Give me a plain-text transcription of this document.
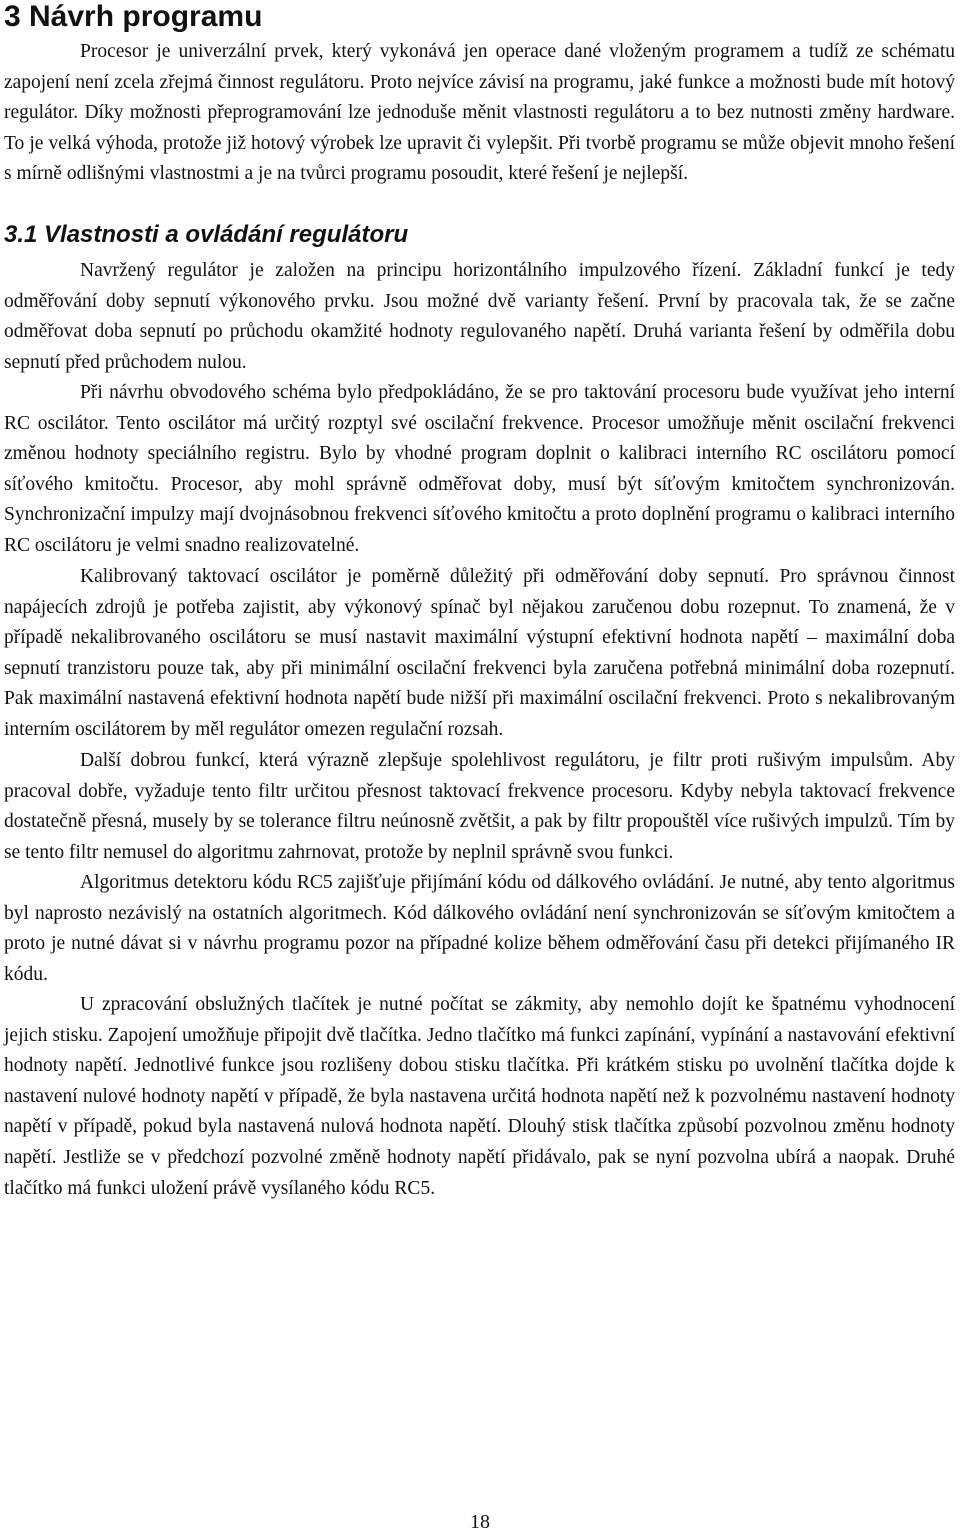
3 Návrh programu

Procesor je univerzální prvek, který vykonává jen operace dané vloženým programem a tudíž ze schématu zapojení není zcela zřejmá činnost regulátoru. Proto nejvíce závisí na programu, jaké funkce a možnosti bude mít hotový regulátor. Díky možnosti přeprogramování lze jednoduše měnit vlastnosti regulátoru a to bez nutnosti změny hardware. To je velká výhoda, protože již hotový výrobek lze upravit či vylepšit. Při tvorbě programu se může objevit mnoho řešení s mírně odlišnými vlastnostmi a je na tvůrci programu posoudit, které řešení je nejlepší.

3.1 Vlastnosti a ovládání regulátoru

Navržený regulátor je založen na principu horizontálního impulzového řízení. Základní funkcí je tedy odměřování doby sepnutí výkonového prvku. Jsou možné dvě varianty řešení. První by pracovala tak, že se začne odměřovat doba sepnutí po průchodu okamžité hodnoty regulovaného napětí. Druhá varianta řešení by odměřila dobu sepnutí před průchodem nulou.

Při návrhu obvodového schéma bylo předpokládáno, že se pro taktování procesoru bude využívat jeho interní RC oscilátor. Tento oscilátor má určitý rozptyl své oscilační frekvence. Procesor umožňuje měnit oscilační frekvenci změnou hodnoty speciálního registru. Bylo by vhodné program doplnit o kalibraci interního RC oscilátoru pomocí síťového kmitočtu. Procesor, aby mohl správně odměřovat doby, musí být síťovým kmitočtem synchronizován. Synchronizační impulzy mají dvojnásobnou frekvenci síťového kmitočtu a proto doplnění programu o kalibraci interního RC oscilátoru je velmi snadno realizovatelné.

Kalibrovaný taktovací oscilátor je poměrně důležitý při odměřování doby sepnutí. Pro správnou činnost napájecích zdrojů je potřeba zajistit, aby výkonový spínač byl nějakou zaručenou dobu rozepnut. To znamená, že v případě nekalibrovaného oscilátoru se musí nastavit maximální výstupní efektivní hodnota napětí – maximální doba sepnutí tranzistoru pouze tak, aby při minimální oscilační frekvenci byla zaručena potřebná minimální doba rozepnutí. Pak maximální nastavená efektivní hodnota napětí bude nižší při maximální oscilační frekvenci. Proto s nekalibrovaným interním oscilátorem by měl regulátor omezen regulační rozsah.

Další dobrou funkcí, která výrazně zlepšuje spolehlivost regulátoru, je filtr proti rušivým impulsům. Aby pracoval dobře, vyžaduje tento filtr určitou přesnost taktovací frekvence procesoru. Kdyby nebyla taktovací frekvence dostatečně přesná, musely by se tolerance filtru neúnosně zvětšit, a pak by filtr propouštěl více rušivých impulzů. Tím by se tento filtr nemusel do algoritmu zahrnovat, protože by neplnil správně svou funkci.

Algoritmus detektoru kódu RC5 zajišťuje přijímání kódu od dálkového ovládání. Je nutné, aby tento algoritmus byl naprosto nezávislý na ostatních algoritmech. Kód dálkového ovládání není synchronizován se síťovým kmitočtem a proto je nutné dávat si v návrhu programu pozor na případné kolize během odměřování času při detekci přijímaného IR kódu.

U zpracování obslužných tlačítek je nutné počítat se zákmity, aby nemohlo dojít ke špatnému vyhodnocení jejich stisku. Zapojení umožňuje připojit dvě tlačítka. Jedno tlačítko má funkci zapínání, vypínání a nastavování efektivní hodnoty napětí. Jednotlivé funkce jsou rozlišeny dobou stisku tlačítka. Při krátkém stisku po uvolnění tlačítka dojde k nastavení nulové hodnoty napětí v případě, že byla nastavena určitá hodnota napětí než k pozvolnému nastavení hodnoty napětí v případě, pokud byla nastavená nulová hodnota napětí. Dlouhý stisk tlačítka způsobí pozvolnou změnu hodnoty napětí. Jestliže se v předchozí pozvolné změně hodnoty napětí přidávalo, pak se nyní pozvolna ubírá a naopak. Druhé tlačítko má funkci uložení právě vysílaného kódu RC5.

18
